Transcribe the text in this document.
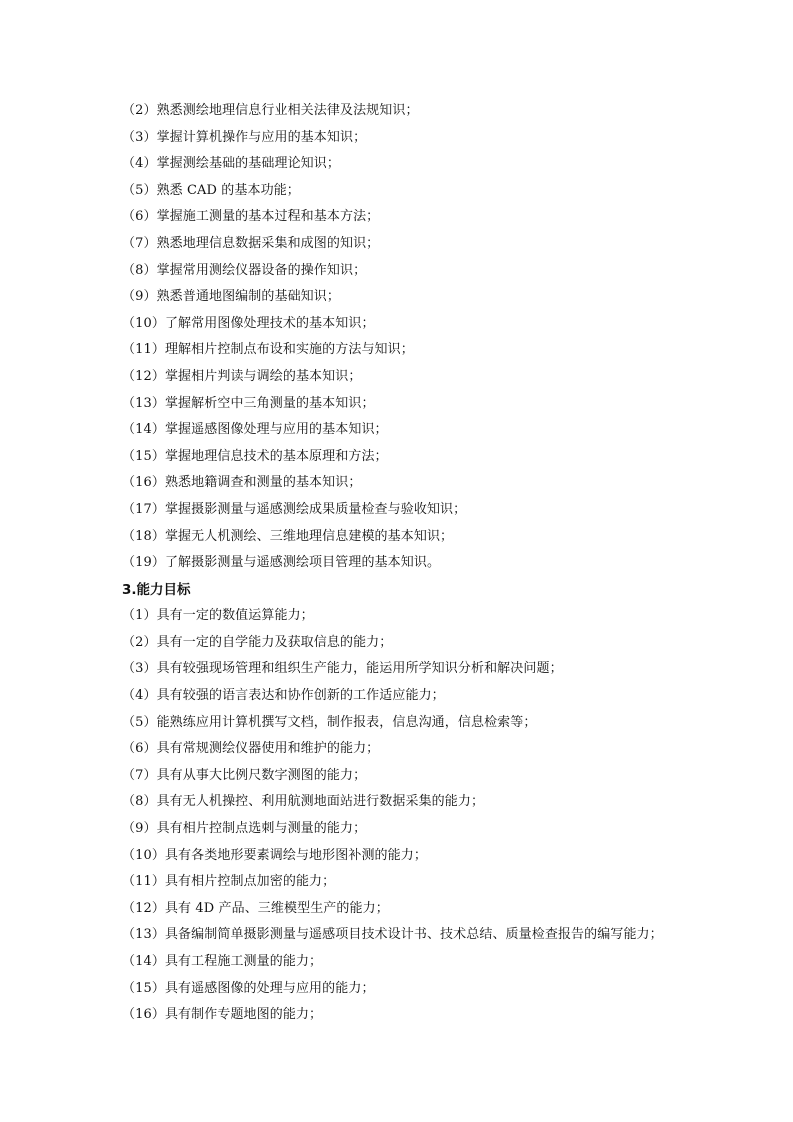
（2）熟悉测绘地理信息行业相关法律及法规知识；
（3）掌握计算机操作与应用的基本知识；
（4）掌握测绘基础的基础理论知识；
（5）熟悉 CAD 的基本功能；
（6）掌握施工测量的基本过程和基本方法；
（7）熟悉地理信息数据采集和成图的知识；
（8）掌握常用测绘仪器设备的操作知识；
（9）熟悉普通地图编制的基础知识；
（10）了解常用图像处理技术的基本知识；
（11）理解相片控制点布设和实施的方法与知识；
（12）掌握相片判读与调绘的基本知识；
（13）掌握解析空中三角测量的基本知识；
（14）掌握遥感图像处理与应用的基本知识；
（15）掌握地理信息技术的基本原理和方法；
（16）熟悉地籍调查和测量的基本知识；
（17）掌握摄影测量与遥感测绘成果质量检查与验收知识；
（18）掌握无人机测绘、三维地理信息建模的基本知识；
（19）了解摄影测量与遥感测绘项目管理的基本知识。
3.能力目标
（1）具有一定的数值运算能力；
（2）具有一定的自学能力及获取信息的能力；
（3）具有较强现场管理和组织生产能力，能运用所学知识分析和解决问题；
（4）具有较强的语言表达和协作创新的工作适应能力；
（5）能熟练应用计算机撰写文档，制作报表，信息沟通，信息检索等；
（6）具有常规测绘仪器使用和维护的能力；
（7）具有从事大比例尺数字测图的能力；
（8）具有无人机操控、利用航测地面站进行数据采集的能力；
（9）具有相片控制点选刺与测量的能力；
（10）具有各类地形要素调绘与地形图补测的能力；
（11）具有相片控制点加密的能力；
（12）具有 4D 产品、三维模型生产的能力；
（13）具备编制简单摄影测量与遥感项目技术设计书、技术总结、质量检查报告的编写能力；
（14）具有工程施工测量的能力；
（15）具有遥感图像的处理与应用的能力；
（16）具有制作专题地图的能力；
